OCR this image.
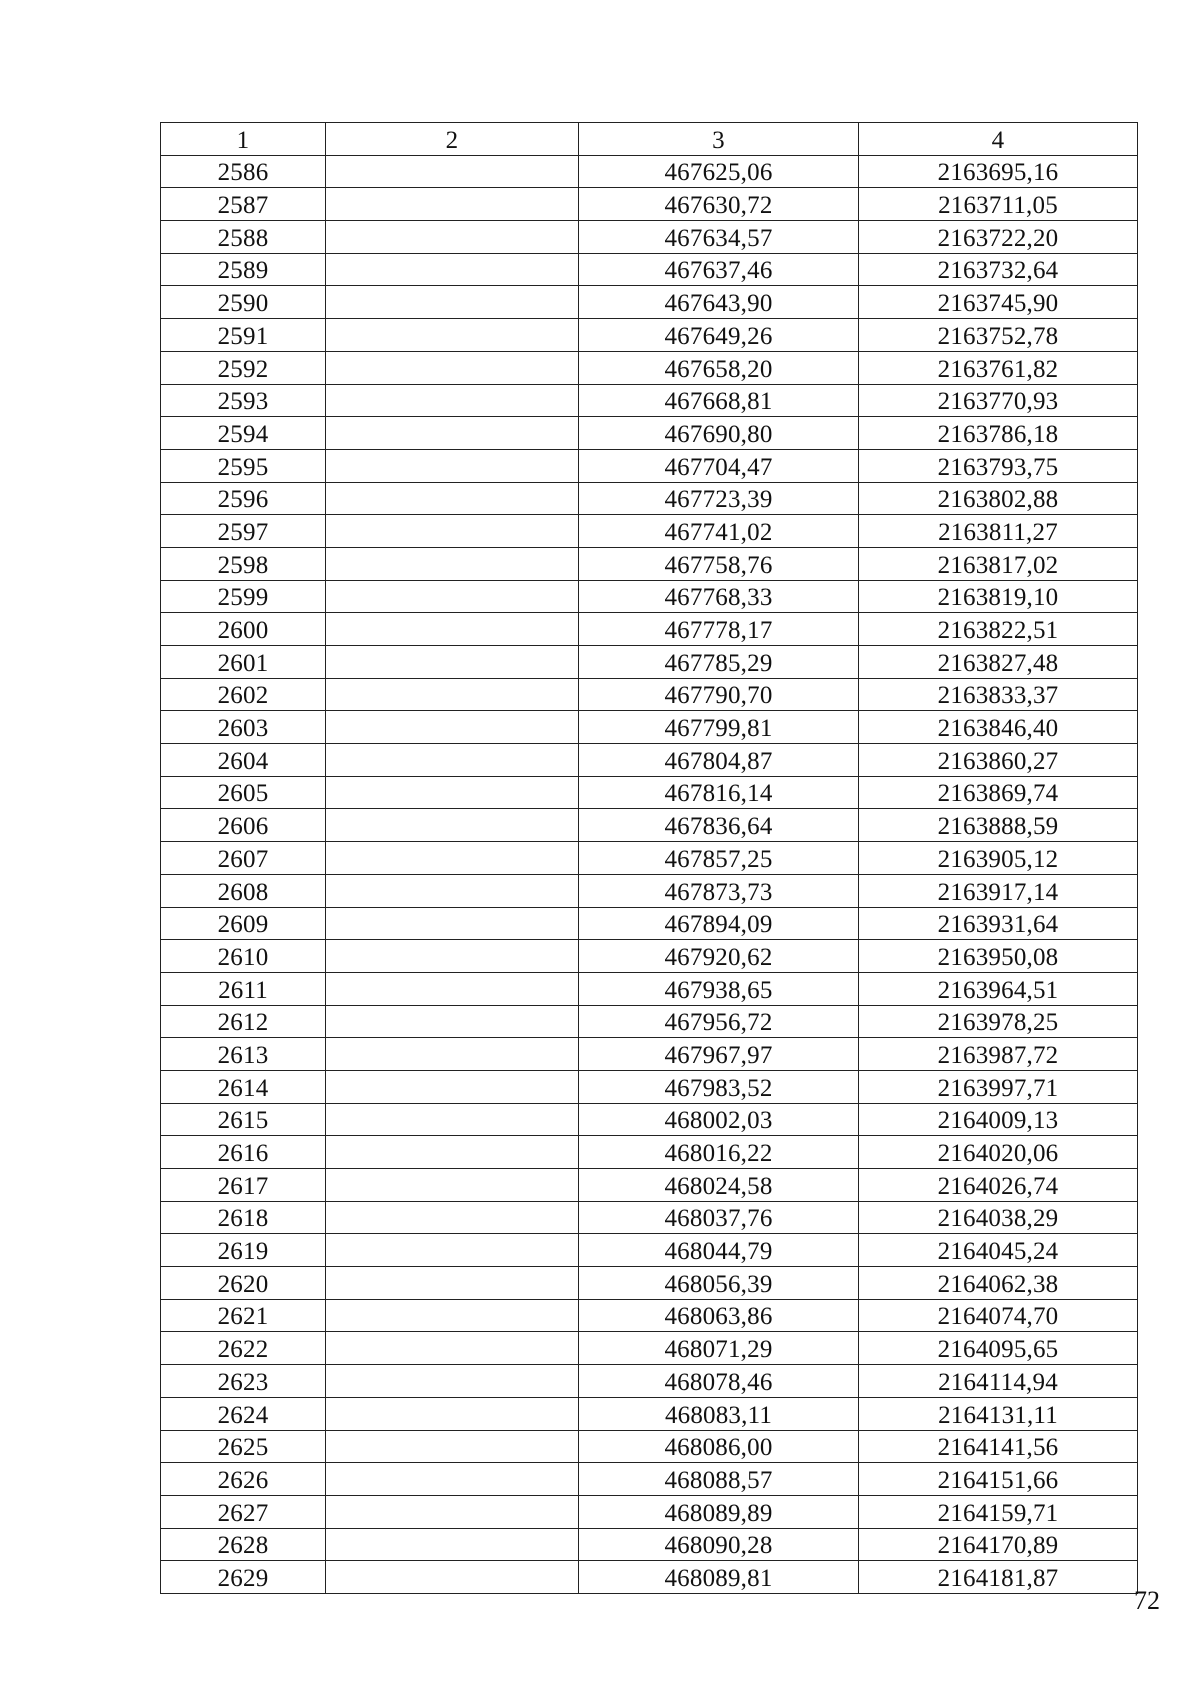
1	2	3	4
2586		467625,06	2163695,16
2587		467630,72	2163711,05
2588		467634,57	2163722,20
2589		467637,46	2163732,64
2590		467643,90	2163745,90
2591		467649,26	2163752,78
2592		467658,20	2163761,82
2593		467668,81	2163770,93
2594		467690,80	2163786,18
2595		467704,47	2163793,75
2596		467723,39	2163802,88
2597		467741,02	2163811,27
2598		467758,76	2163817,02
2599		467768,33	2163819,10
2600		467778,17	2163822,51
2601		467785,29	2163827,48
2602		467790,70	2163833,37
2603		467799,81	2163846,40
2604		467804,87	2163860,27
2605		467816,14	2163869,74
2606		467836,64	2163888,59
2607		467857,25	2163905,12
2608		467873,73	2163917,14
2609		467894,09	2163931,64
2610		467920,62	2163950,08
2611		467938,65	2163964,51
2612		467956,72	2163978,25
2613		467967,97	2163987,72
2614		467983,52	2163997,71
2615		468002,03	2164009,13
2616		468016,22	2164020,06
2617		468024,58	2164026,74
2618		468037,76	2164038,29
2619		468044,79	2164045,24
2620		468056,39	2164062,38
2621		468063,86	2164074,70
2622		468071,29	2164095,65
2623		468078,46	2164114,94
2624		468083,11	2164131,11
2625		468086,00	2164141,56
2626		468088,57	2164151,66
2627		468089,89	2164159,71
2628		468090,28	2164170,89
2629		468089,81	2164181,87
72
